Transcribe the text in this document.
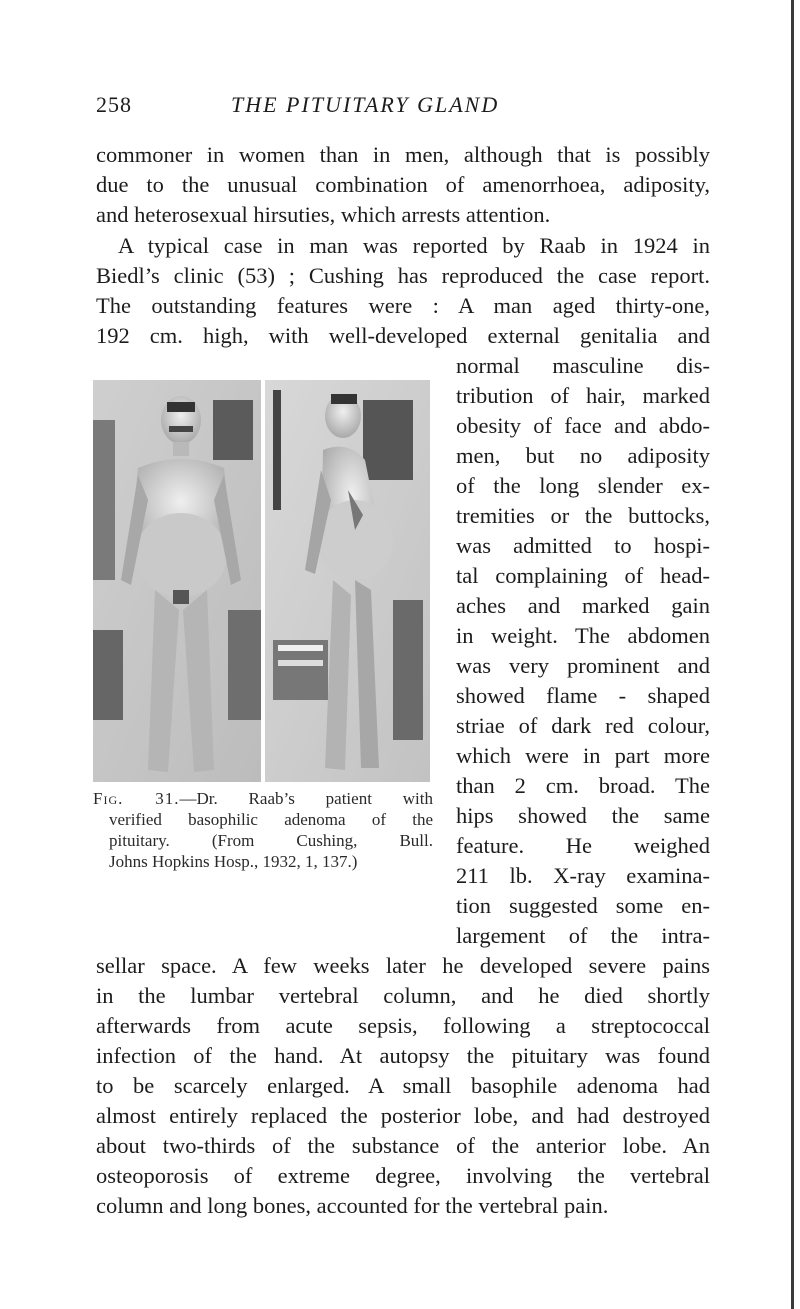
258	THE PITUITARY GLAND
commoner in women than in men, although that is possibly
due to the unusual combination of amenorrhoea, adiposity,
and heterosexual hirsuties, which arrests attention.
A typical case in man was reported by Raab in 1924 in
Biedl’s clinic (53) ; Cushing has reproduced the case report.
The outstanding features were : A man aged thirty-one,
192 cm. high, with well-developed external genitalia and
normal masculine dis-
tribution of hair, marked
obesity of face and abdo-
men, but no adiposity
of the long slender ex-
tremities or the buttocks,
was admitted to hospi-
tal complaining of head-
aches and marked gain
in weight. The abdomen
was very prominent and
showed flame - shaped
striae of dark red colour,
which were in part more
than 2 cm. broad. The
hips showed the same
feature. He weighed
211 lb. X-ray examina-
tion suggested some en-
largement of the intra-
sellar space. A few weeks later he developed severe pains
in the lumbar vertebral column, and he died shortly
afterwards from acute sepsis, following a streptococcal
infection of the hand. At autopsy the pituitary was found
to be scarcely enlarged. A small basophile adenoma had
almost entirely replaced the posterior lobe, and had destroyed
about two-thirds of the substance of the anterior lobe. An
osteoporosis of extreme degree, involving the vertebral
column and long bones, accounted for the vertebral pain.
Fig. 31.—Dr. Raab’s patient with
verified basophilic adenoma of the
pituitary. (From Cushing, Bull.
Johns Hopkins Hosp., 1932, 1, 137.)
